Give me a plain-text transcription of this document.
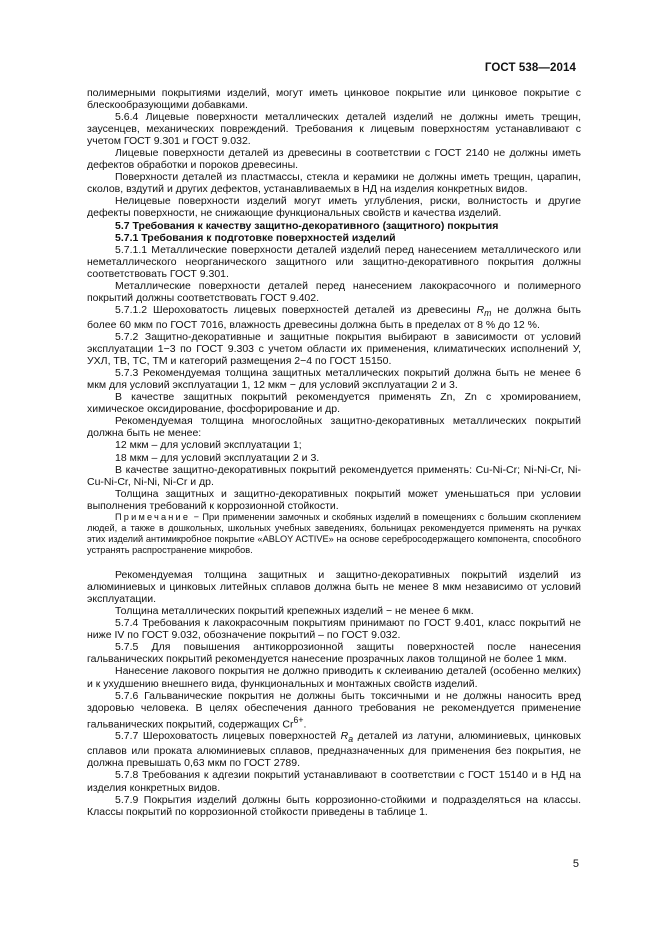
ГОСТ 538—2014

полимерными покрытиями изделий, могут иметь цинковое покрытие или цинковое покрытие с блескообразующими добавками.

5.6.4 Лицевые поверхности металлических деталей изделий не должны иметь трещин, заусенцев, механических повреждений. Требования к лицевым поверхностям устанавливают с учетом ГОСТ 9.301 и ГОСТ 9.032.

Лицевые поверхности деталей из древесины в соответствии с ГОСТ 2140 не должны иметь дефектов обработки и пороков древесины.

Поверхности деталей из пластмассы, стекла и керамики не должны иметь трещин, царапин, сколов, вздутий и других дефектов, устанавливаемых в НД на изделия конкретных видов.

Нелицевые поверхности изделий могут иметь углубления, риски, волнистость и другие дефекты поверхности, не снижающие функциональных свойств и качества изделий.

5.7 Требования к качеству защитно-декоративного (защитного) покрытия

5.7.1 Требования к подготовке поверхностей изделий

5.7.1.1 Металлические поверхности деталей изделий перед нанесением металлического или неметаллического неорганического защитного или защитно-декоративного покрытия должны соответствовать ГОСТ 9.301.

Металлические поверхности деталей перед нанесением лакокрасочного и полимерного покрытий должны соответствовать ГОСТ 9.402.

5.7.1.2 Шероховатость лицевых поверхностей деталей из древесины $R_m$ не должна быть более 60 мкм по ГОСТ 7016, влажность древесины должна быть в пределах от 8 % до 12 %.

5.7.2 Защитно-декоративные и защитные покрытия выбирают в зависимости от условий эксплуатации 1−3 по ГОСТ 9.303 с учетом области их применения, климатических исполнений У, УХЛ, ТВ, ТС, ТМ и категорий размещения 2−4 по ГОСТ 15150.

5.7.3 Рекомендуемая толщина защитных металлических покрытий должна быть не менее 6 мкм для условий эксплуатации 1, 12 мкм − для условий эксплуатации 2 и 3.

В качестве защитных покрытий рекомендуется применять Zn, Zn с хромированием, химическое оксидирование, фосфорирование и др.

Рекомендуемая толщина многослойных защитно-декоративных металлических покрытий должна быть не менее:

12 мкм – для условий эксплуатации 1;

18 мкм – для условий эксплуатации 2 и 3.

В качестве защитно-декоративных покрытий рекомендуется применять: Cu-Ni-Cr; Ni-Ni-Cr, Ni-Cu-Ni-Cr, Ni-Ni, Ni-Cr и др.

Толщина защитных и защитно-декоративных покрытий может уменьшаться при условии выполнения требований к коррозионной стойкости.

Примечание − При применении замочных и скобяных изделий в помещениях с большим скоплением людей, а также в дошкольных, школьных учебных заведениях, больницах рекомендуется применять на ручках этих изделий антимикробное покрытие «ABLOY ACTIVE» на основе серебросодержащего компонента, способного устранять распространение микробов.

Рекомендуемая толщина защитных и защитно-декоративных покрытий изделий из алюминиевых и цинковых литейных сплавов должна быть не менее 8 мкм независимо от условий эксплуатации.

Толщина металлических покрытий крепежных изделий − не менее 6 мкм.

5.7.4 Требования к лакокрасочным покрытиям принимают по ГОСТ 9.401, класс покрытий не ниже IV по ГОСТ 9.032, обозначение покрытий – по ГОСТ 9.032.

5.7.5 Для повышения антикоррозионной защиты поверхностей после нанесения гальванических покрытий рекомендуется нанесение прозрачных лаков толщиной не более 1 мкм.

Нанесение лакового покрытия не должно приводить к склеиванию деталей (особенно мелких) и к ухудшению внешнего вида, функциональных и монтажных свойств изделий.

5.7.6 Гальванические покрытия не должны быть токсичными и не должны наносить вред здоровью человека. В целях обеспечения данного требования не рекомендуется применение гальванических покрытий, содержащих $Cr^{6+}$.

5.7.7 Шероховатость лицевых поверхностей $R_a$ деталей из латуни, алюминиевых, цинковых сплавов или проката алюминиевых сплавов, предназначенных для применения без покрытия, не должна превышать 0,63 мкм по ГОСТ 2789.

5.7.8 Требования к адгезии покрытий устанавливают в соответствии с ГОСТ 15140 и в НД на изделия конкретных видов.

5.7.9 Покрытия изделий должны быть коррозионно-стойкими и подразделяться на классы. Классы покрытий по коррозионной стойкости приведены в таблице 1.

5
